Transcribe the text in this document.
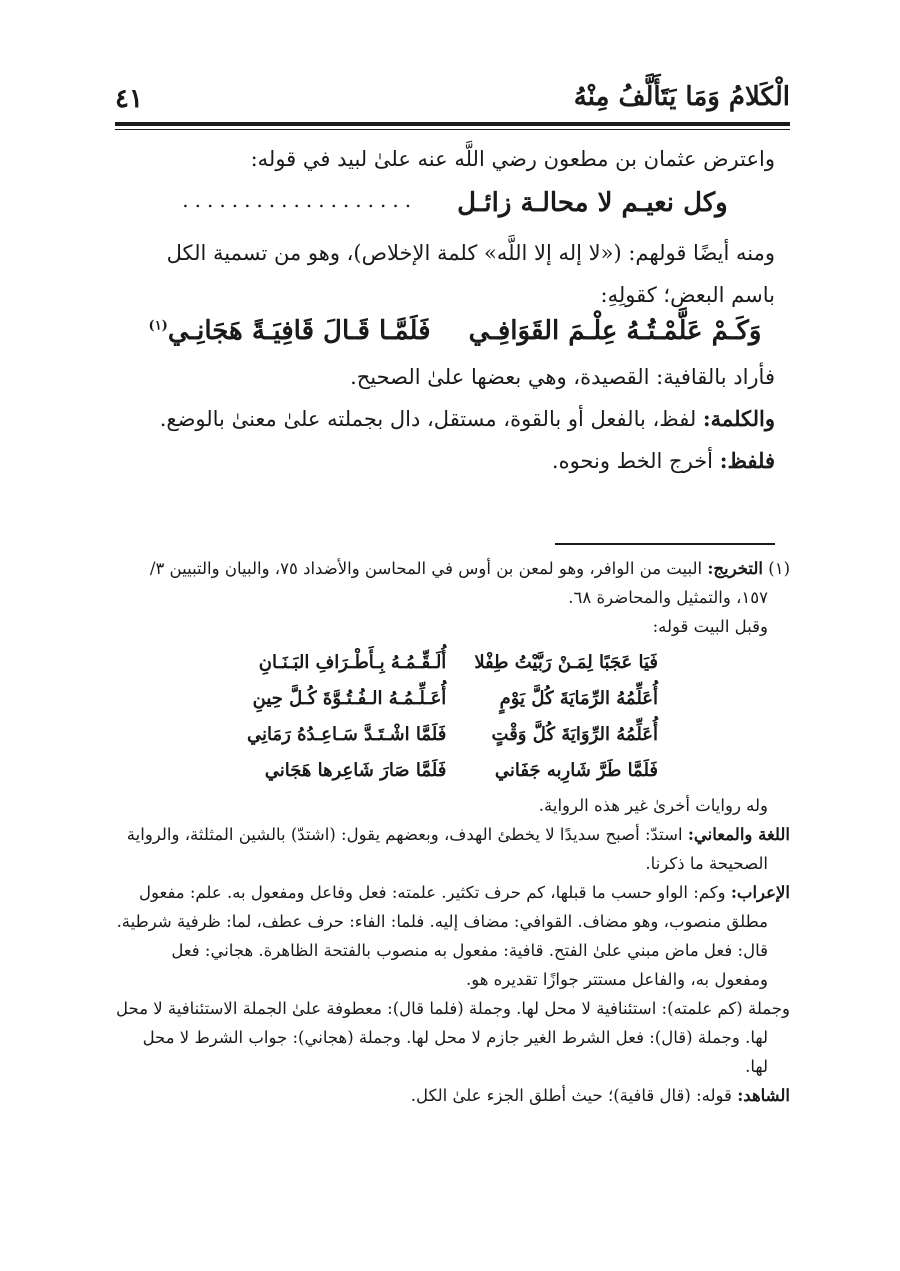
٤١	الْكَلامُ وَمَا يَتَأَلَّفُ مِنْهُ

واعترض عثمان بن مطعون رضي اللَّه عنه علىٰ لبيد في قوله:

وكل نعيـم لا محالـة زائـل
...................

ومنه أيضًا قولهم: («لا إله إلا اللَّه» كلمة الإخلاص)، وهو من تسمية الكل باسم البعض؛ كقولِهِ:

وَكَـمْ عَلَّمْـتُـهُ عِلْـمَ القَوَافِـي
فَلَمَّـا قَـالَ قَافِيَـةً هَجَانِـي$^{(١)}$

فأراد بالقافية: القصيدة، وهي بعضها علىٰ الصحيح.

والكلمة: لفظ، بالفعل أو بالقوة، مستقل، دال بجملته علىٰ معنىٰ بالوضع.

فلفظ: أخرج الخط ونحوه.

(١) التخريج: البيت من الوافر، وهو لمعن بن أوس في المحاسن والأضداد ٧٥، والبيان والتبيين ٣/ ١٥٧، والتمثيل والمحاضرة ٦٨.

وقبل البيت قوله:

فَيَا عَجَبًا لِمَـنْ رَبَّيْتُ طِفْلا
أُلَـقِّـمُـهُ بِـأَطْـرَافِ البَـنَـانِ
أُعَلِّمُهُ الرِّمَايَةَ كُلَّ يَوْمٍ
أُعَـلِّـمُـهُ الـفُـتُـوَّةَ كُـلَّ حِينِ
أُعَلِّمُهُ الرِّوَايَةَ كُلَّ وَقْتٍ
فَلَمَّا اشْـتَـدَّ سَـاعِـدُهُ رَمَانِي
فَلَمَّا طَرَّ شَارِبه جَفَاني
فَلَمَّا صَارَ شَاعِرها هَجَاني

وله روايات أخرىٰ غير هذه الرواية.

اللغة والمعاني: استدّ: أصبح سديدًا لا يخطئ الهدف، وبعضهم يقول: (اشتدّ) بالشين المثلثة، والرواية الصحيحة ما ذكرنا.

الإعراب: وكم: الواو حسب ما قبلها، كم حرف تكثير. علمته: فعل وفاعل ومفعول به. علم: مفعول مطلق منصوب، وهو مضاف. القوافي: مضاف إليه. فلما: الفاء: حرف عطف، لما: ظرفية شرطية. قال: فعل ماض مبني علىٰ الفتح. قافية: مفعول به منصوب بالفتحة الظاهرة. هجاني: فعل ومفعول به، والفاعل مستتر جوازًا تقديره هو.

وجملة (كم علمته): استئنافية لا محل لها. وجملة (فلما قال): معطوفة علىٰ الجملة الاستئنافية لا محل لها. وجملة (قال): فعل الشرط الغير جازم لا محل لها. وجملة (هجاني): جواب الشرط لا محل لها.

الشاهد: قوله: (قال قافية)؛ حيث أطلق الجزء علىٰ الكل.
